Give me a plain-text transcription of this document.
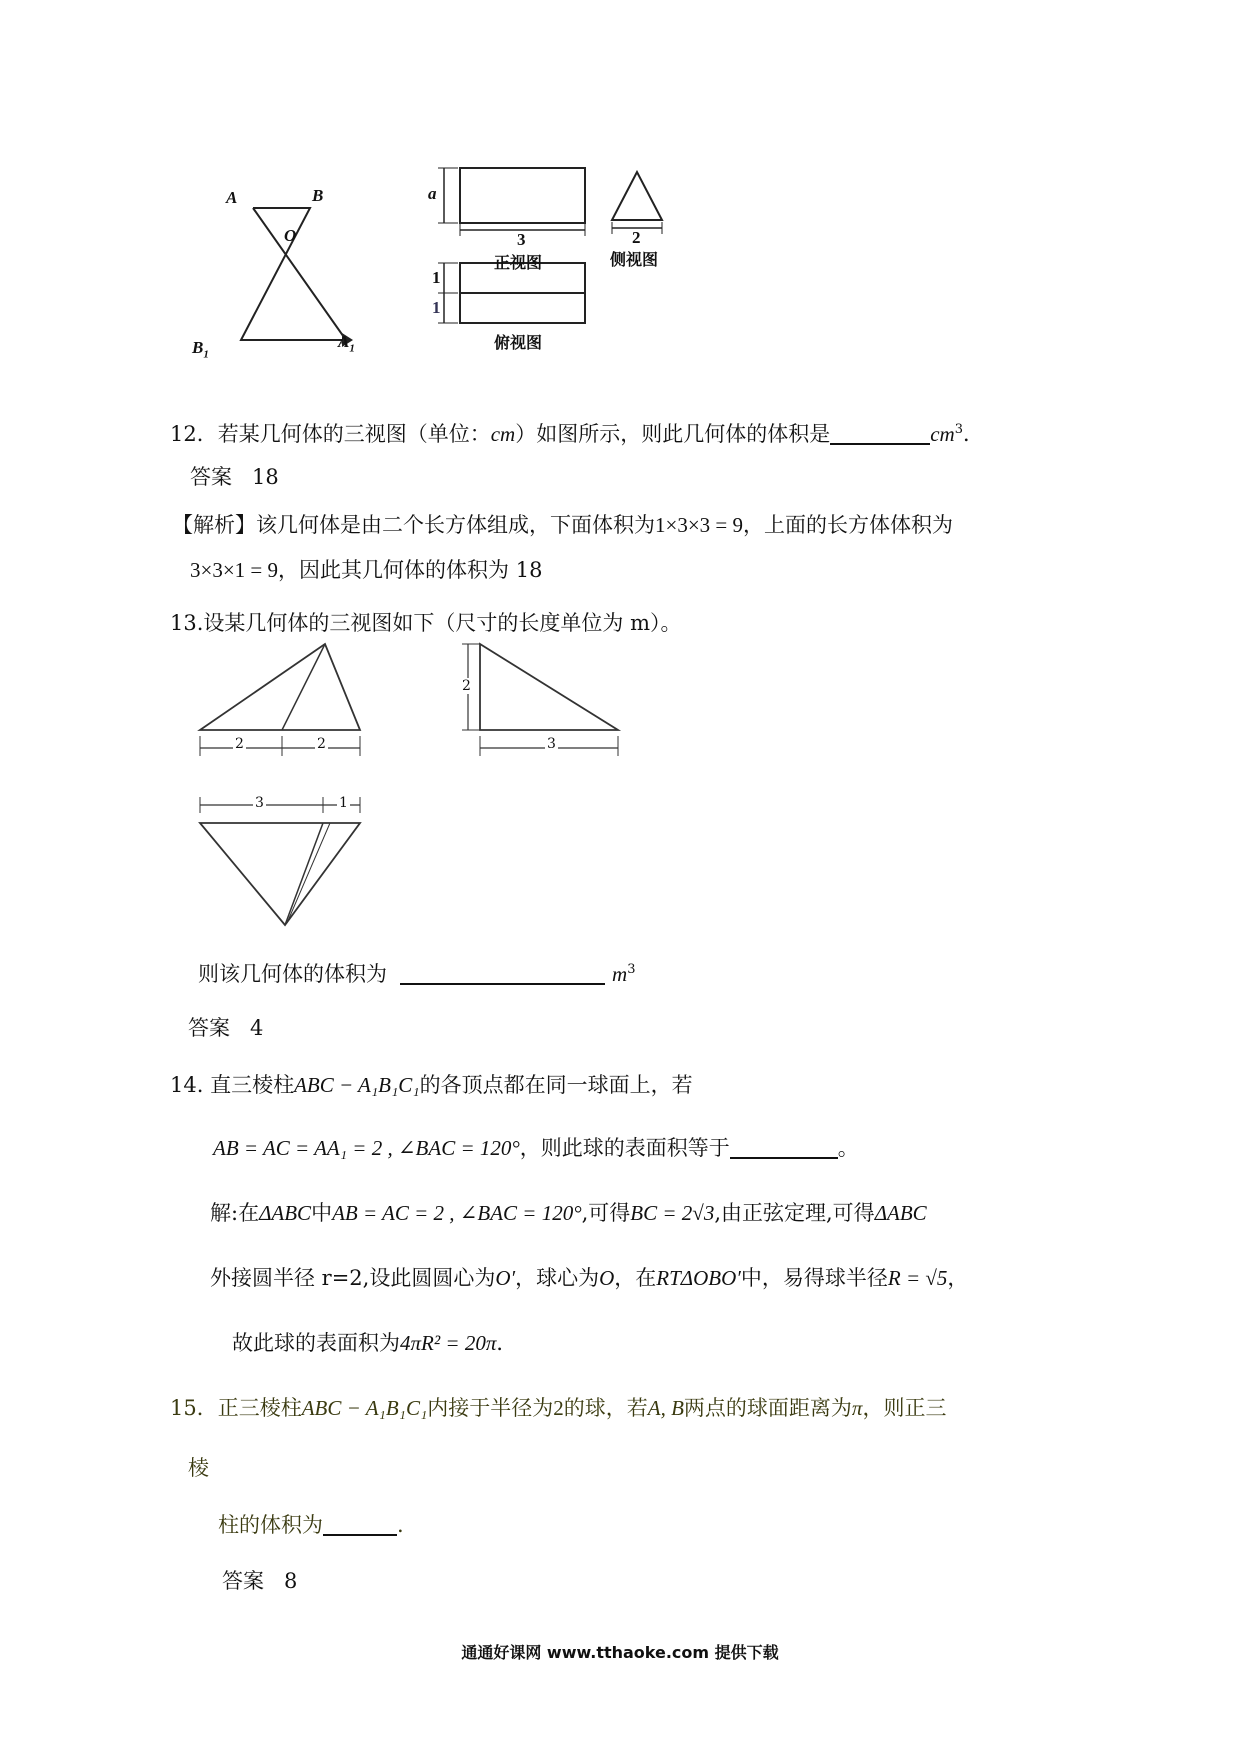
A	B
O
$B_1$
$A_1$
a
3
正视图
2
侧视图
1
1
俯视图
12．若某几何体的三视图（单位：cm）如图所示，则此几何体的体积是	$cm^3$．
答案 18
【解析】该几何体是由二个长方体组成，下面体积为1×3×3 = 9，上面的长方体体积为
3×3×1 = 9，因此其几何体的体积为 18
13.设某几何体的三视图如下（尺寸的长度单位为 m）。
2	2
2
3
3	1
则该几何体的体积为	$m^3$
答案 4
14. 直三棱柱ABC − A₁B₁C₁的各顶点都在同一球面上，若
AB = AC = AA₁ = 2 , ∠BAC = 120°，则此球的表面积等于	。
解:在ΔABC中AB = AC = 2 , ∠BAC = 120°,可得BC = 2√3,由正弦定理,可得ΔABC
外接圆半径 r=2,设此圆圆心为O′，球心为O，在RTΔOBO′中，易得球半径R = √5，
故此球的表面积为4πR² = 20π．
15．正三棱柱ABC − A₁B₁C₁内接于半径为2的球，若A, B两点的球面距离为π，则正三
棱
柱的体积为	.
答案 8
通通好课网 www.tthaoke.com 提供下载
